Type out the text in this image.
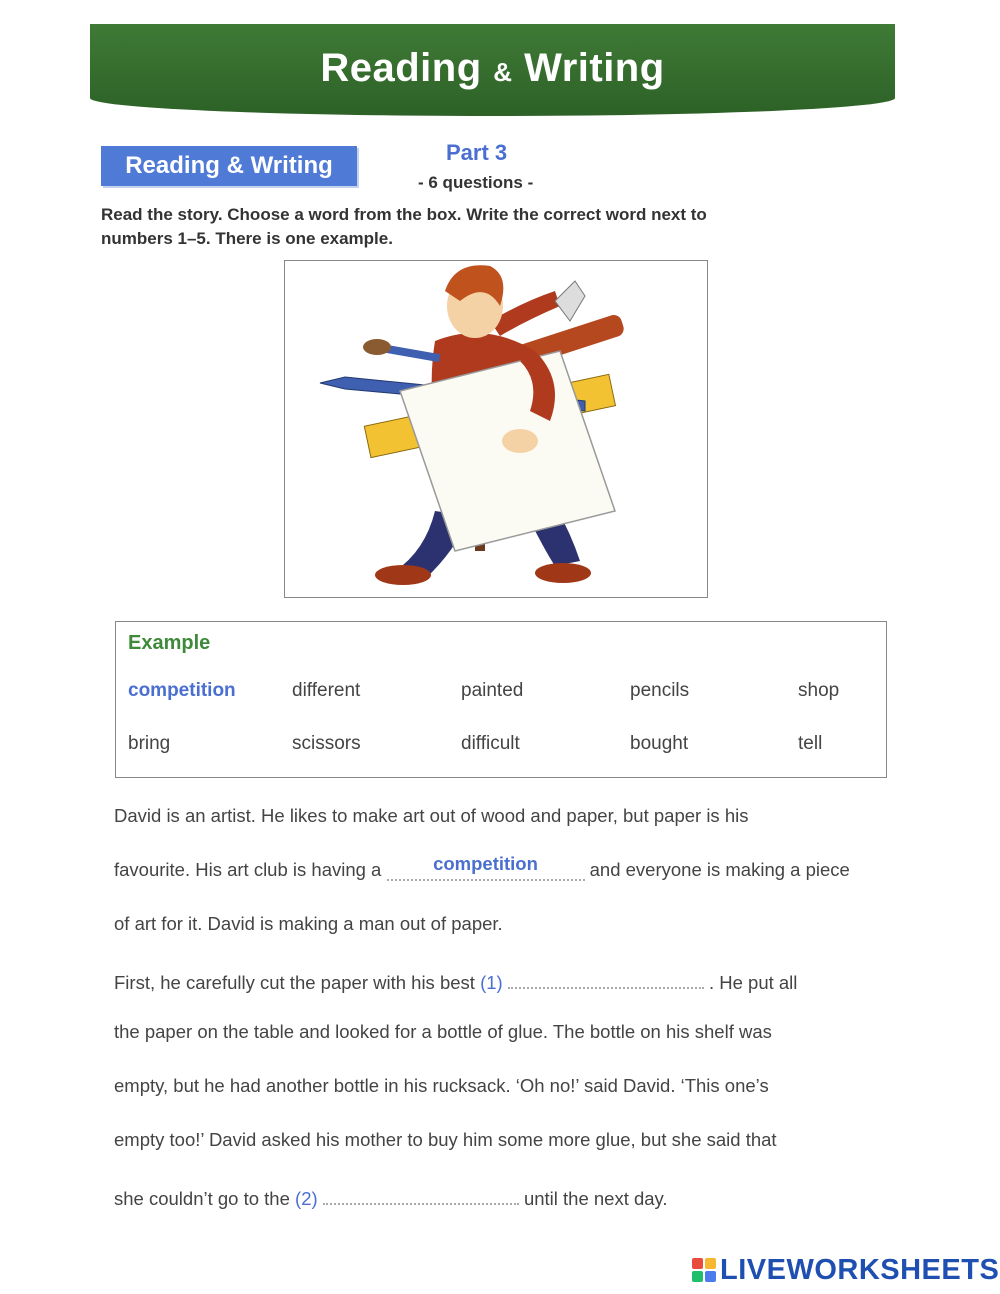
Reading & Writing
Reading & Writing	Part 3
- 6 questions -
Read the story. Choose a word from the box. Write the correct word next to
numbers 1–5. There is one example.
Example
competition	different	painted	pencils	shop
bring	scissors	difficult	bought	tell
David is an artist. He likes to make art out of wood and paper, but paper is his
favourite. His art club is having a	competition	and everyone is making a piece
of art for it. David is making a man out of paper.
First, he carefully cut the paper with his best (1)	. He put all
the paper on the table and looked for a bottle of glue. The bottle on his shelf was
empty, but he had another bottle in his rucksack. ‘Oh no!’ said David. ‘This one’s
empty too!’ David asked his mother to buy him some more glue, but she said that
she couldn’t go to the (2)	until the next day.
LIVEWORKSHEETS
